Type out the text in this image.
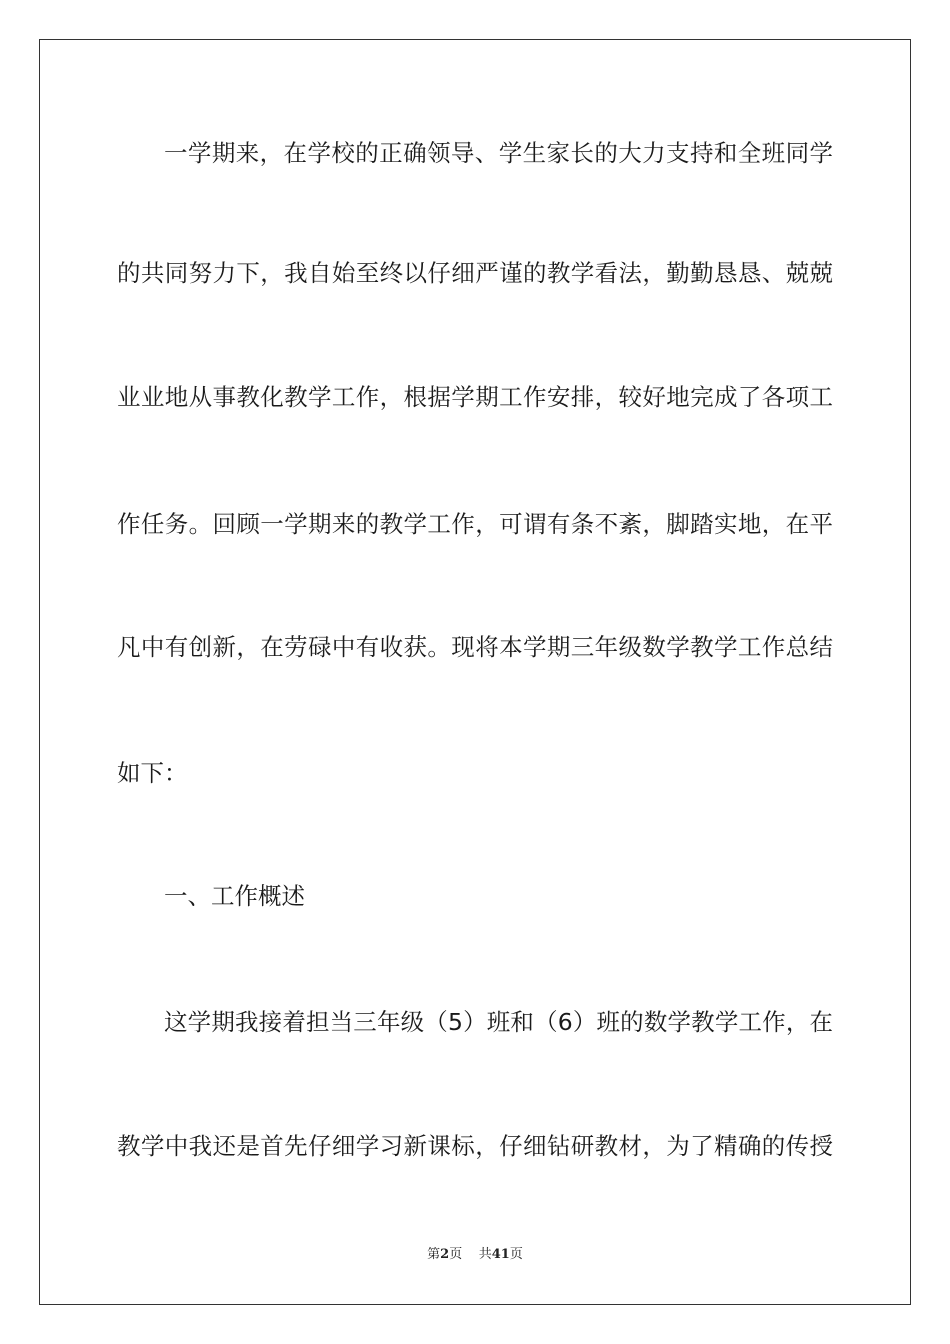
一学期来，在学校的正确领导、学生家长的大力支持和全班同学
的共同努力下，我自始至终以仔细严谨的教学看法，勤勤恳恳、兢兢
业业地从事教化教学工作，根据学期工作安排，较好地完成了各项工
作任务。回顾一学期来的教学工作，可谓有条不紊，脚踏实地，在平
凡中有创新，在劳碌中有收获。现将本学期三年级数学教学工作总结
如下：
一、工作概述
这学期我接着担当三年级（5）班和（6）班的数学教学工作，在
教学中我还是首先仔细学习新课标，仔细钻研教材，为了精确的传授
第2页 共41页
